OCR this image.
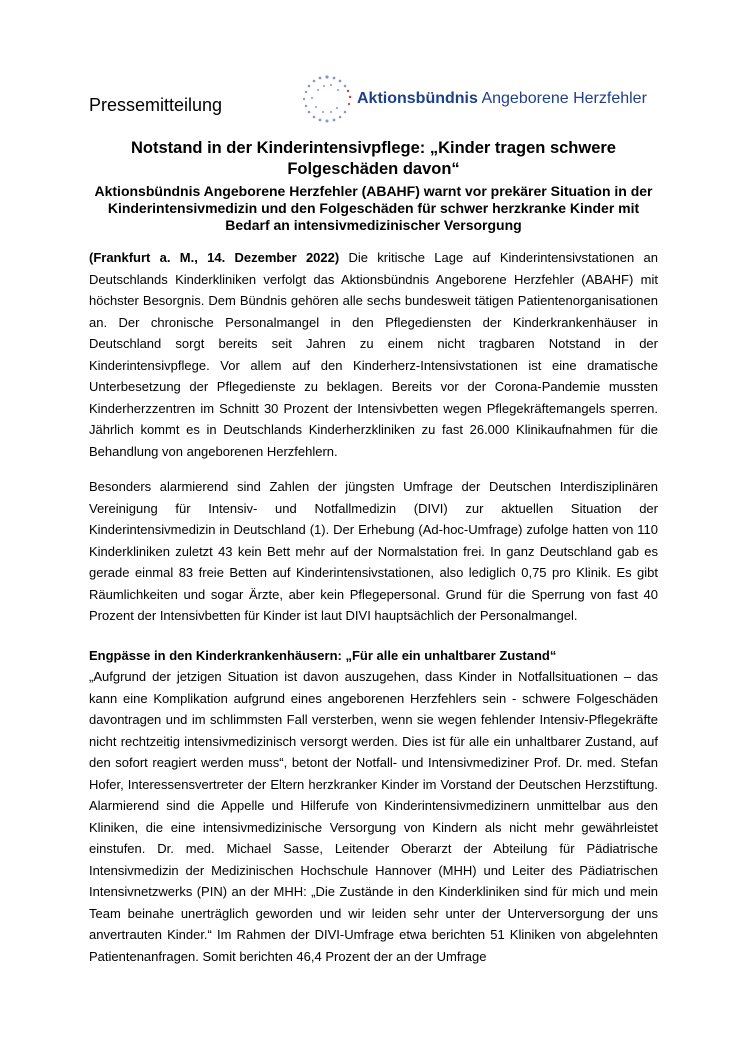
Pressemitteilung	Aktionsbündnis Angeborene Herzfehler
Notstand in der Kinderintensivpflege: „Kinder tragen schwere Folgeschäden davon“
Aktionsbündnis Angeborene Herzfehler (ABAHF) warnt vor prekärer Situation in der Kinderintensivmedizin und den Folgeschäden für schwer herzkranke Kinder mit Bedarf an intensivmedizinischer Versorgung

(Frankfurt a. M., 14. Dezember 2022) Die kritische Lage auf Kinderintensivstationen an Deutschlands Kinderkliniken verfolgt das Aktionsbündnis Angeborene Herzfehler (ABAHF) mit höchster Besorgnis. Dem Bündnis gehören alle sechs bundesweit tätigen Patientenorganisationen an. Der chronische Personalmangel in den Pflegediensten der Kinderkrankenhäuser in Deutschland sorgt bereits seit Jahren zu einem nicht tragbaren Notstand in der Kinderintensivpflege. Vor allem auf den Kinderherz-Intensivstationen ist eine dramatische Unterbesetzung der Pflegedienste zu beklagen. Bereits vor der Corona-Pandemie mussten Kinderherzzentren im Schnitt 30 Prozent der Intensivbetten wegen Pflegekräftemangels sperren. Jährlich kommt es in Deutschlands Kinderherzkliniken zu fast 26.000 Klinikaufnahmen für die Behandlung von angeborenen Herzfehlern.

Besonders alarmierend sind Zahlen der jüngsten Umfrage der Deutschen Interdisziplinären Vereinigung für Intensiv- und Notfallmedizin (DIVI) zur aktuellen Situation der Kinderintensivmedizin in Deutschland (1). Der Erhebung (Ad-hoc-Umfrage) zufolge hatten von 110 Kinderkliniken zuletzt 43 kein Bett mehr auf der Normalstation frei. In ganz Deutschland gab es gerade einmal 83 freie Betten auf Kinderintensivstationen, also lediglich 0,75 pro Klinik. Es gibt Räumlichkeiten und sogar Ärzte, aber kein Pflegepersonal. Grund für die Sperrung von fast 40 Prozent der Intensivbetten für Kinder ist laut DIVI hauptsächlich der Personalmangel.

Engpässe in den Kinderkrankenhäusern: „Für alle ein unhaltbarer Zustand“

„Aufgrund der jetzigen Situation ist davon auszugehen, dass Kinder in Notfallsituationen – das kann eine Komplikation aufgrund eines angeborenen Herzfehlers sein - schwere Folgeschäden davontragen und im schlimmsten Fall versterben, wenn sie wegen fehlender Intensiv-Pflegekräfte nicht rechtzeitig intensivmedizinisch versorgt werden. Dies ist für alle ein unhaltbarer Zustand, auf den sofort reagiert werden muss“, betont der Notfall- und Intensivmediziner Prof. Dr. med. Stefan Hofer, Interessensvertreter der Eltern herzkranker Kinder im Vorstand der Deutschen Herzstiftung. Alarmierend sind die Appelle und Hilferufe von Kinderintensivmedizinern unmittelbar aus den Kliniken, die eine intensivmedizinische Versorgung von Kindern als nicht mehr gewährleistet einstufen. Dr. med. Michael Sasse, Leitender Oberarzt der Abteilung für Pädiatrische Intensivmedizin der Medizinischen Hochschule Hannover (MHH) und Leiter des Pädiatrischen Intensivnetzwerks (PIN) an der MHH: „Die Zustände in den Kinderkliniken sind für mich und mein Team beinahe unerträglich geworden und wir leiden sehr unter der Unterversorgung der uns anvertrauten Kinder.“ Im Rahmen der DIVI-Umfrage etwa berichten 51 Kliniken von abgelehnten Patientenanfragen. Somit berichten 46,4 Prozent der an der Umfrage
